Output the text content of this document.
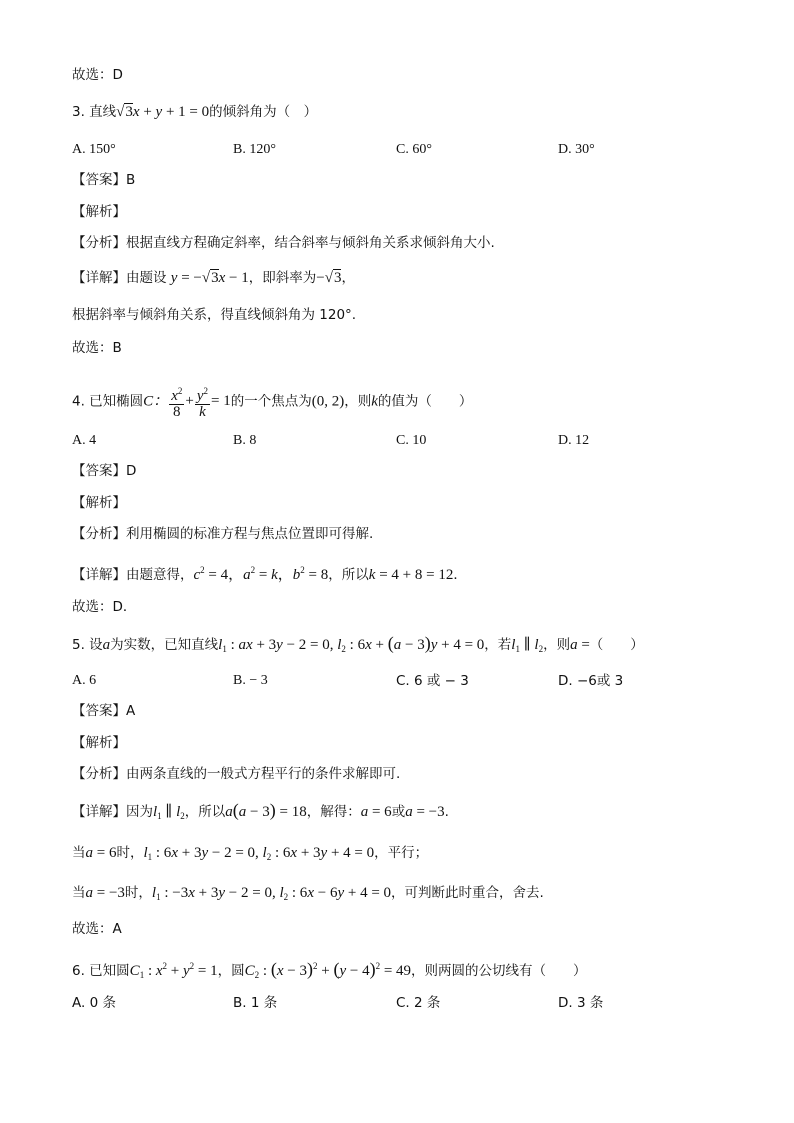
故选：D
3. 直线√3x + y + 1 = 0的倾斜角为（　）
A. 150°	B. 120°	C. 60°	D. 30°
【答案】B
【解析】
【分析】根据直线方程确定斜率，结合斜率与倾斜角关系求倾斜角大小.
【详解】由题设 y = −√3x − 1，即斜率为−√3，
根据斜率与倾斜角关系，得直线倾斜角为 120°.
故选：B
4. 已知椭圆C： $\frac{x^2}{8} + \frac{y^2}{k} = 1$的一个焦点为(0, 2)，则k的值为（　　）
A. 4	B. 8	C. 10	D. 12
【答案】D
【解析】
【分析】利用椭圆的标准方程与焦点位置即可得解.
【详解】由题意得，$c^2 = 4$，$a^2 = k$，$b^2 = 8$，所以k = 4 + 8 = 12．
故选：D．
5. 设a为实数，已知直线$l_1$ : ax + 3y − 2 = 0, $l_2$ : 6x + (a − 3)y + 4 = 0，若$l_1$ ∥ $l_2$，则a =（　　）
A. 6	B. − 3	C. 6 或 − 3	D. −6或 3
【答案】A
【解析】
【分析】由两条直线的一般式方程平行的条件求解即可.
【详解】因为$l_1$ ∥ $l_2$，所以a(a − 3) = 18，解得：a = 6或a = −3.
当a = 6时，$l_1$ : 6x + 3y − 2 = 0, $l_2$ : 6x + 3y + 4 = 0，平行；
当a = −3时，$l_1$ : −3x + 3y − 2 = 0, $l_2$ : 6x − 6y + 4 = 0，可判断此时重合，舍去.
故选：A
6. 已知圆$C_1$ : $x^2 + y^2 = 1$，圆$C_2$ : $(x - 3)^2 + (y - 4)^2 = 49$，则两圆的公切线有（　　）
A. 0 条	B. 1 条	C. 2 条	D. 3 条
